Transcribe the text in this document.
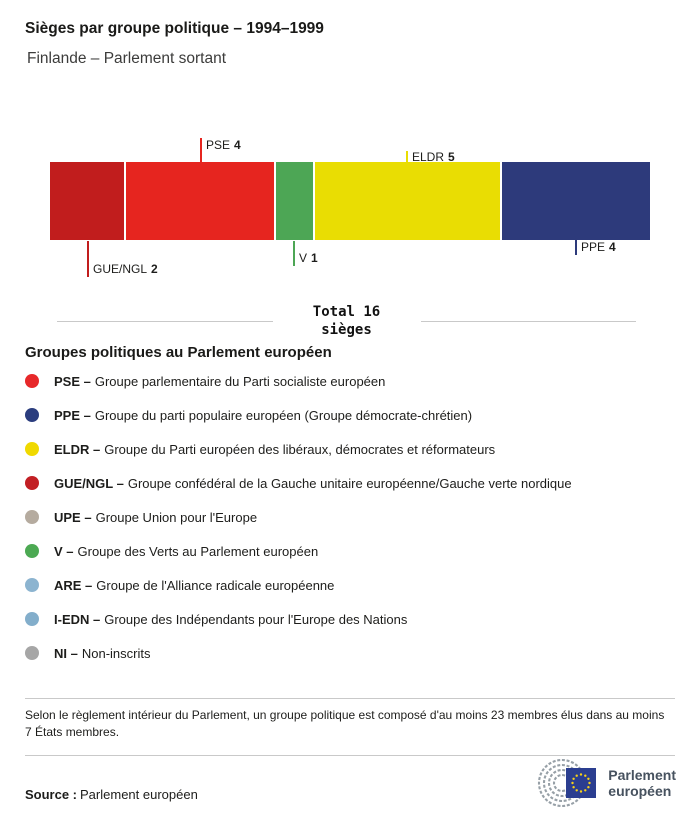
Sièges par groupe politique – 1994–1999
Finlande – Parlement sortant
PSE 4
ELDR 5
GUE/NGL 2
V 1
PPE 4
Total 16
sièges
Groupes politiques au Parlement européen
PSE – Groupe parlementaire du Parti socialiste européen
PPE – Groupe du parti populaire européen (Groupe démocrate-chrétien)
ELDR – Groupe du Parti européen des libéraux, démocrates et réformateurs
GUE/NGL – Groupe confédéral de la Gauche unitaire européenne/Gauche verte nordique
UPE – Groupe Union pour l'Europe
V – Groupe des Verts au Parlement européen
ARE – Groupe de l'Alliance radicale européenne
I-EDN – Groupe des Indépendants pour l'Europe des Nations
NI – Non-inscrits
Selon le règlement intérieur du Parlement, un groupe politique est composé d'au moins 23 membres élus dans au moins 7 États membres.
Source : Parlement européen
Parlement
européen
